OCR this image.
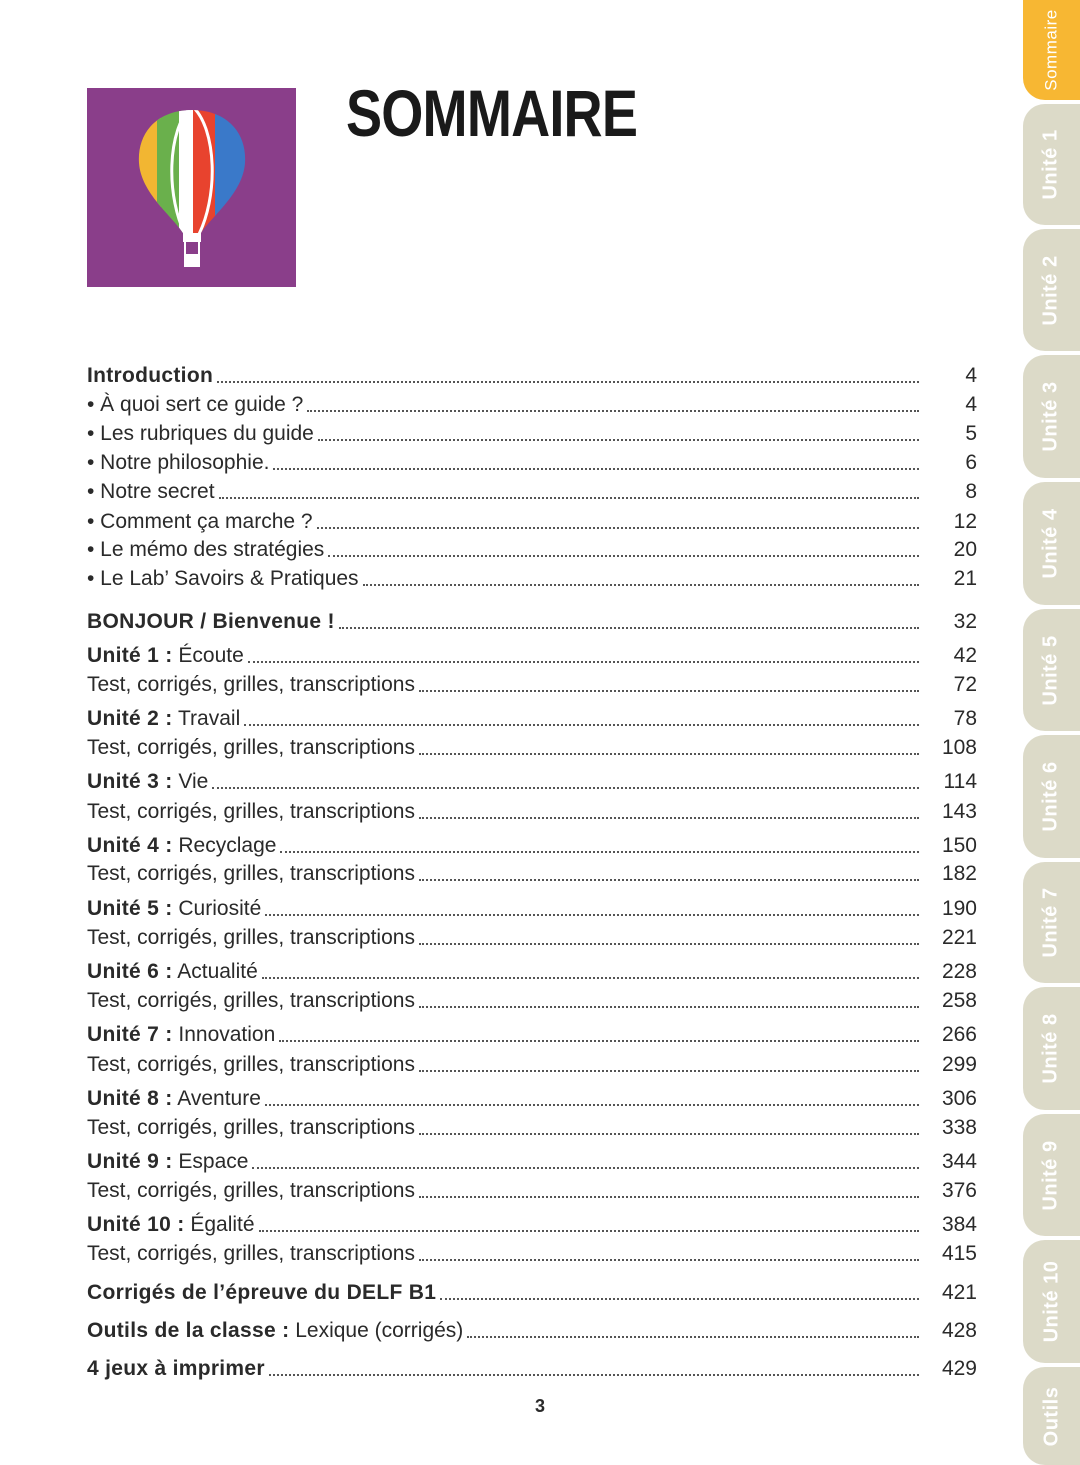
SOMMAIRE
Introduction	4
• À quoi sert ce guide ?	4
• Les rubriques du guide	5
• Notre philosophie.	6
• Notre secret	8
• Comment ça marche ?	12
• Le mémo des stratégies	20
• Le Lab’ Savoirs & Pratiques	21
BONJOUR / Bienvenue !	32
Unité 1 : Écoute	42
Test, corrigés, grilles, transcriptions	72
Unité 2 : Travail	78
Test, corrigés, grilles, transcriptions	108
Unité 3 : Vie	114
Test, corrigés, grilles, transcriptions	143
Unité 4 : Recyclage	150
Test, corrigés, grilles, transcriptions	182
Unité 5 : Curiosité	190
Test, corrigés, grilles, transcriptions	221
Unité 6 : Actualité	228
Test, corrigés, grilles, transcriptions	258
Unité 7 : Innovation	266
Test, corrigés, grilles, transcriptions	299
Unité 8 : Aventure	306
Test, corrigés, grilles, transcriptions	338
Unité 9 : Espace	344
Test, corrigés, grilles, transcriptions	376
Unité 10 : Égalité	384
Test, corrigés, grilles, transcriptions	415
Corrigés de l’épreuve du DELF B1	421
Outils de la classe : Lexique (corrigés)	428
4 jeux à imprimer	429
3
Sommaire
Unité 1
Unité 2
Unité 3
Unité 4
Unité 5
Unité 6
Unité 7
Unité 8
Unité 9
Unité 10
Outils
